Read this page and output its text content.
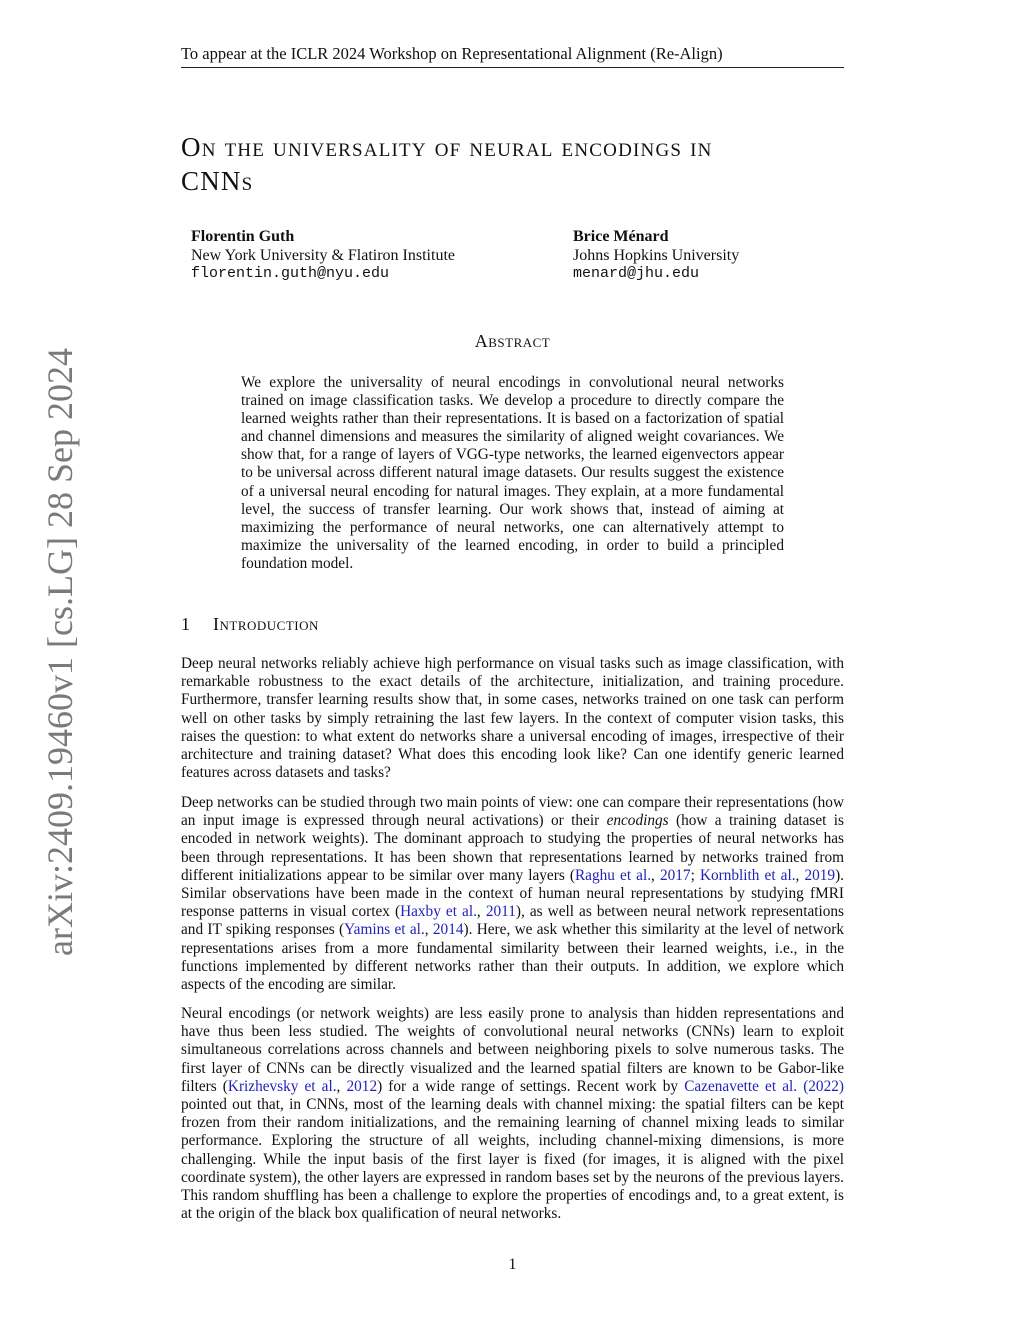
To appear at the ICLR 2024 Workshop on Representational Alignment (Re-Align)
arXiv:2409.19460v1 [cs.LG] 28 Sep 2024
On the universality of neural encodings in
CNNs
Florentin Guth
New York University & Flatiron Institute
florentin.guth@nyu.edu
Brice Ménard
Johns Hopkins University
menard@jhu.edu
Abstract
We explore the universality of neural encodings in convolutional neural networks trained on image classification tasks. We develop a procedure to directly compare the learned weights rather than their representations. It is based on a factorization of spatial and channel dimensions and measures the similarity of aligned weight covariances. We show that, for a range of layers of VGG-type networks, the learned eigenvectors appear to be universal across different natural image datasets. Our results suggest the existence of a universal neural encoding for natural images. They explain, at a more fundamental level, the success of transfer learning. Our work shows that, instead of aiming at maximizing the performance of neural networks, one can alternatively attempt to maximize the universality of the learned encoding, in order to build a principled foundation model.
1 Introduction

Deep neural networks reliably achieve high performance on visual tasks such as image classification, with remarkable robustness to the exact details of the architecture, initialization, and training procedure. Furthermore, transfer learning results show that, in some cases, networks trained on one task can perform well on other tasks by simply retraining the last few layers. In the context of computer vision tasks, this raises the question: to what extent do networks share a universal encoding of images, irrespective of their architecture and training dataset? What does this encoding look like? Can one identify generic learned features across datasets and tasks?

Deep networks can be studied through two main points of view: one can compare their representations (how an input image is expressed through neural activations) or their encodings (how a training dataset is encoded in network weights). The dominant approach to studying the properties of neural networks has been through representations. It has been shown that representations learned by networks trained from different initializations appear to be similar over many layers (Raghu et al., 2017; Kornblith et al., 2019). Similar observations have been made in the context of human neural representations by studying fMRI response patterns in visual cortex (Haxby et al., 2011), as well as between neural network representations and IT spiking responses (Yamins et al., 2014). Here, we ask whether this similarity at the level of network representations arises from a more fundamental similarity between their learned weights, i.e., in the functions implemented by different networks rather than their outputs. In addition, we explore which aspects of the encoding are similar.

Neural encodings (or network weights) are less easily prone to analysis than hidden representations and have thus been less studied. The weights of convolutional neural networks (CNNs) learn to exploit simultaneous correlations across channels and between neighboring pixels to solve numerous tasks. The first layer of CNNs can be directly visualized and the learned spatial filters are known to be Gabor-like filters (Krizhevsky et al., 2012) for a wide range of settings. Recent work by Cazenavette et al. (2022) pointed out that, in CNNs, most of the learning deals with channel mixing: the spatial filters can be kept frozen from their random initializations, and the remaining learning of channel mixing leads to similar performance. Exploring the structure of all weights, including channel-mixing dimensions, is more challenging. While the input basis of the first layer is fixed (for images, it is aligned with the pixel coordinate system), the other layers are expressed in random bases set by the neurons of the previous layers. This random shuffling has been a challenge to explore the properties of encodings and, to a great extent, is at the origin of the black box qualification of neural networks.

1
